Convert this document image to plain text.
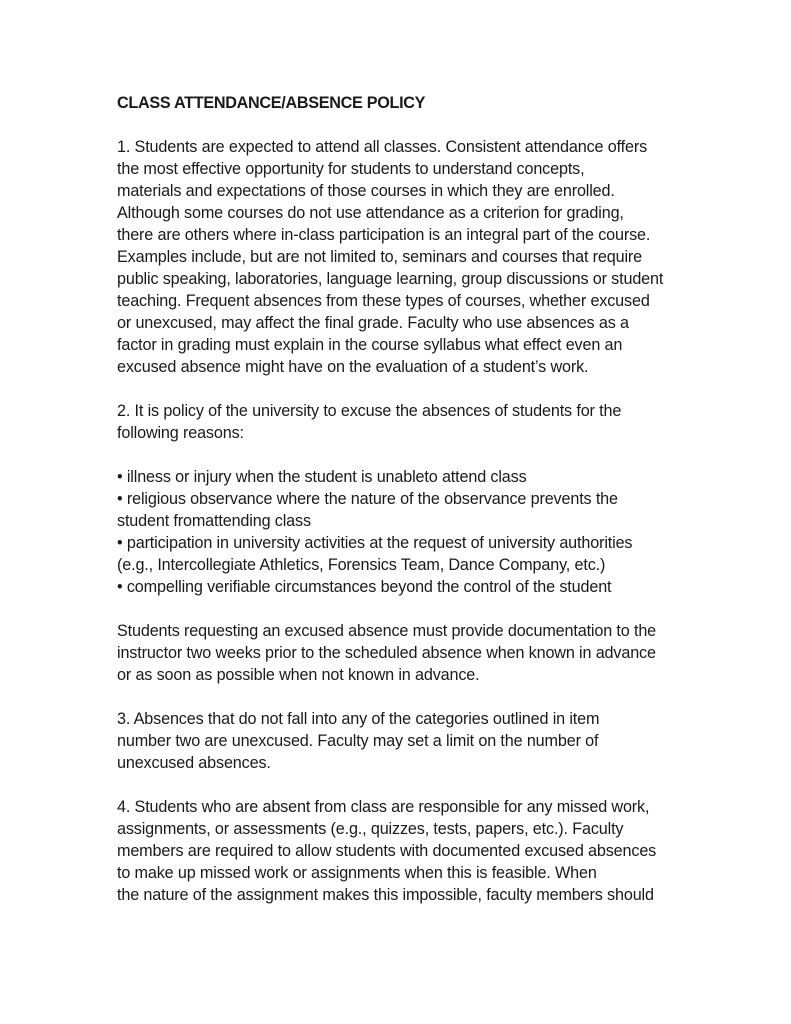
CLASS ATTENDANCE/ABSENCE POLICY
1. Students are expected to attend all classes. Consistent attendance offers
the most effective opportunity for students to understand concepts,
materials and expectations of those courses in which they are enrolled.
Although some courses do not use attendance as a criterion for grading,
there are others where in-class participation is an integral part of the course.
Examples include, but are not limited to, seminars and courses that require
public speaking, laboratories, language learning, group discussions or student
teaching. Frequent absences from these types of courses, whether excused
or unexcused, may affect the final grade. Faculty who use absences as a
factor in grading must explain in the course syllabus what effect even an
excused absence might have on the evaluation of a student’s work.
2. It is policy of the university to excuse the absences of students for the
following reasons:
• illness or injury when the student is unableto attend class
• religious observance where the nature of the observance prevents the
student fromattending class
• participation in university activities at the request of university authorities
(e.g., Intercollegiate Athletics, Forensics Team, Dance Company, etc.)
• compelling verifiable circumstances beyond the control of the student
Students requesting an excused absence must provide documentation to the
instructor two weeks prior to the scheduled absence when known in advance
or as soon as possible when not known in advance.
3. Absences that do not fall into any of the categories outlined in item
number two are unexcused. Faculty may set a limit on the number of
unexcused absences.
4. Students who are absent from class are responsible for any missed work,
assignments, or assessments (e.g., quizzes, tests, papers, etc.). Faculty
members are required to allow students with documented excused absences
to make up missed work or assignments when this is feasible. When
the nature of the assignment makes this impossible, faculty members should
